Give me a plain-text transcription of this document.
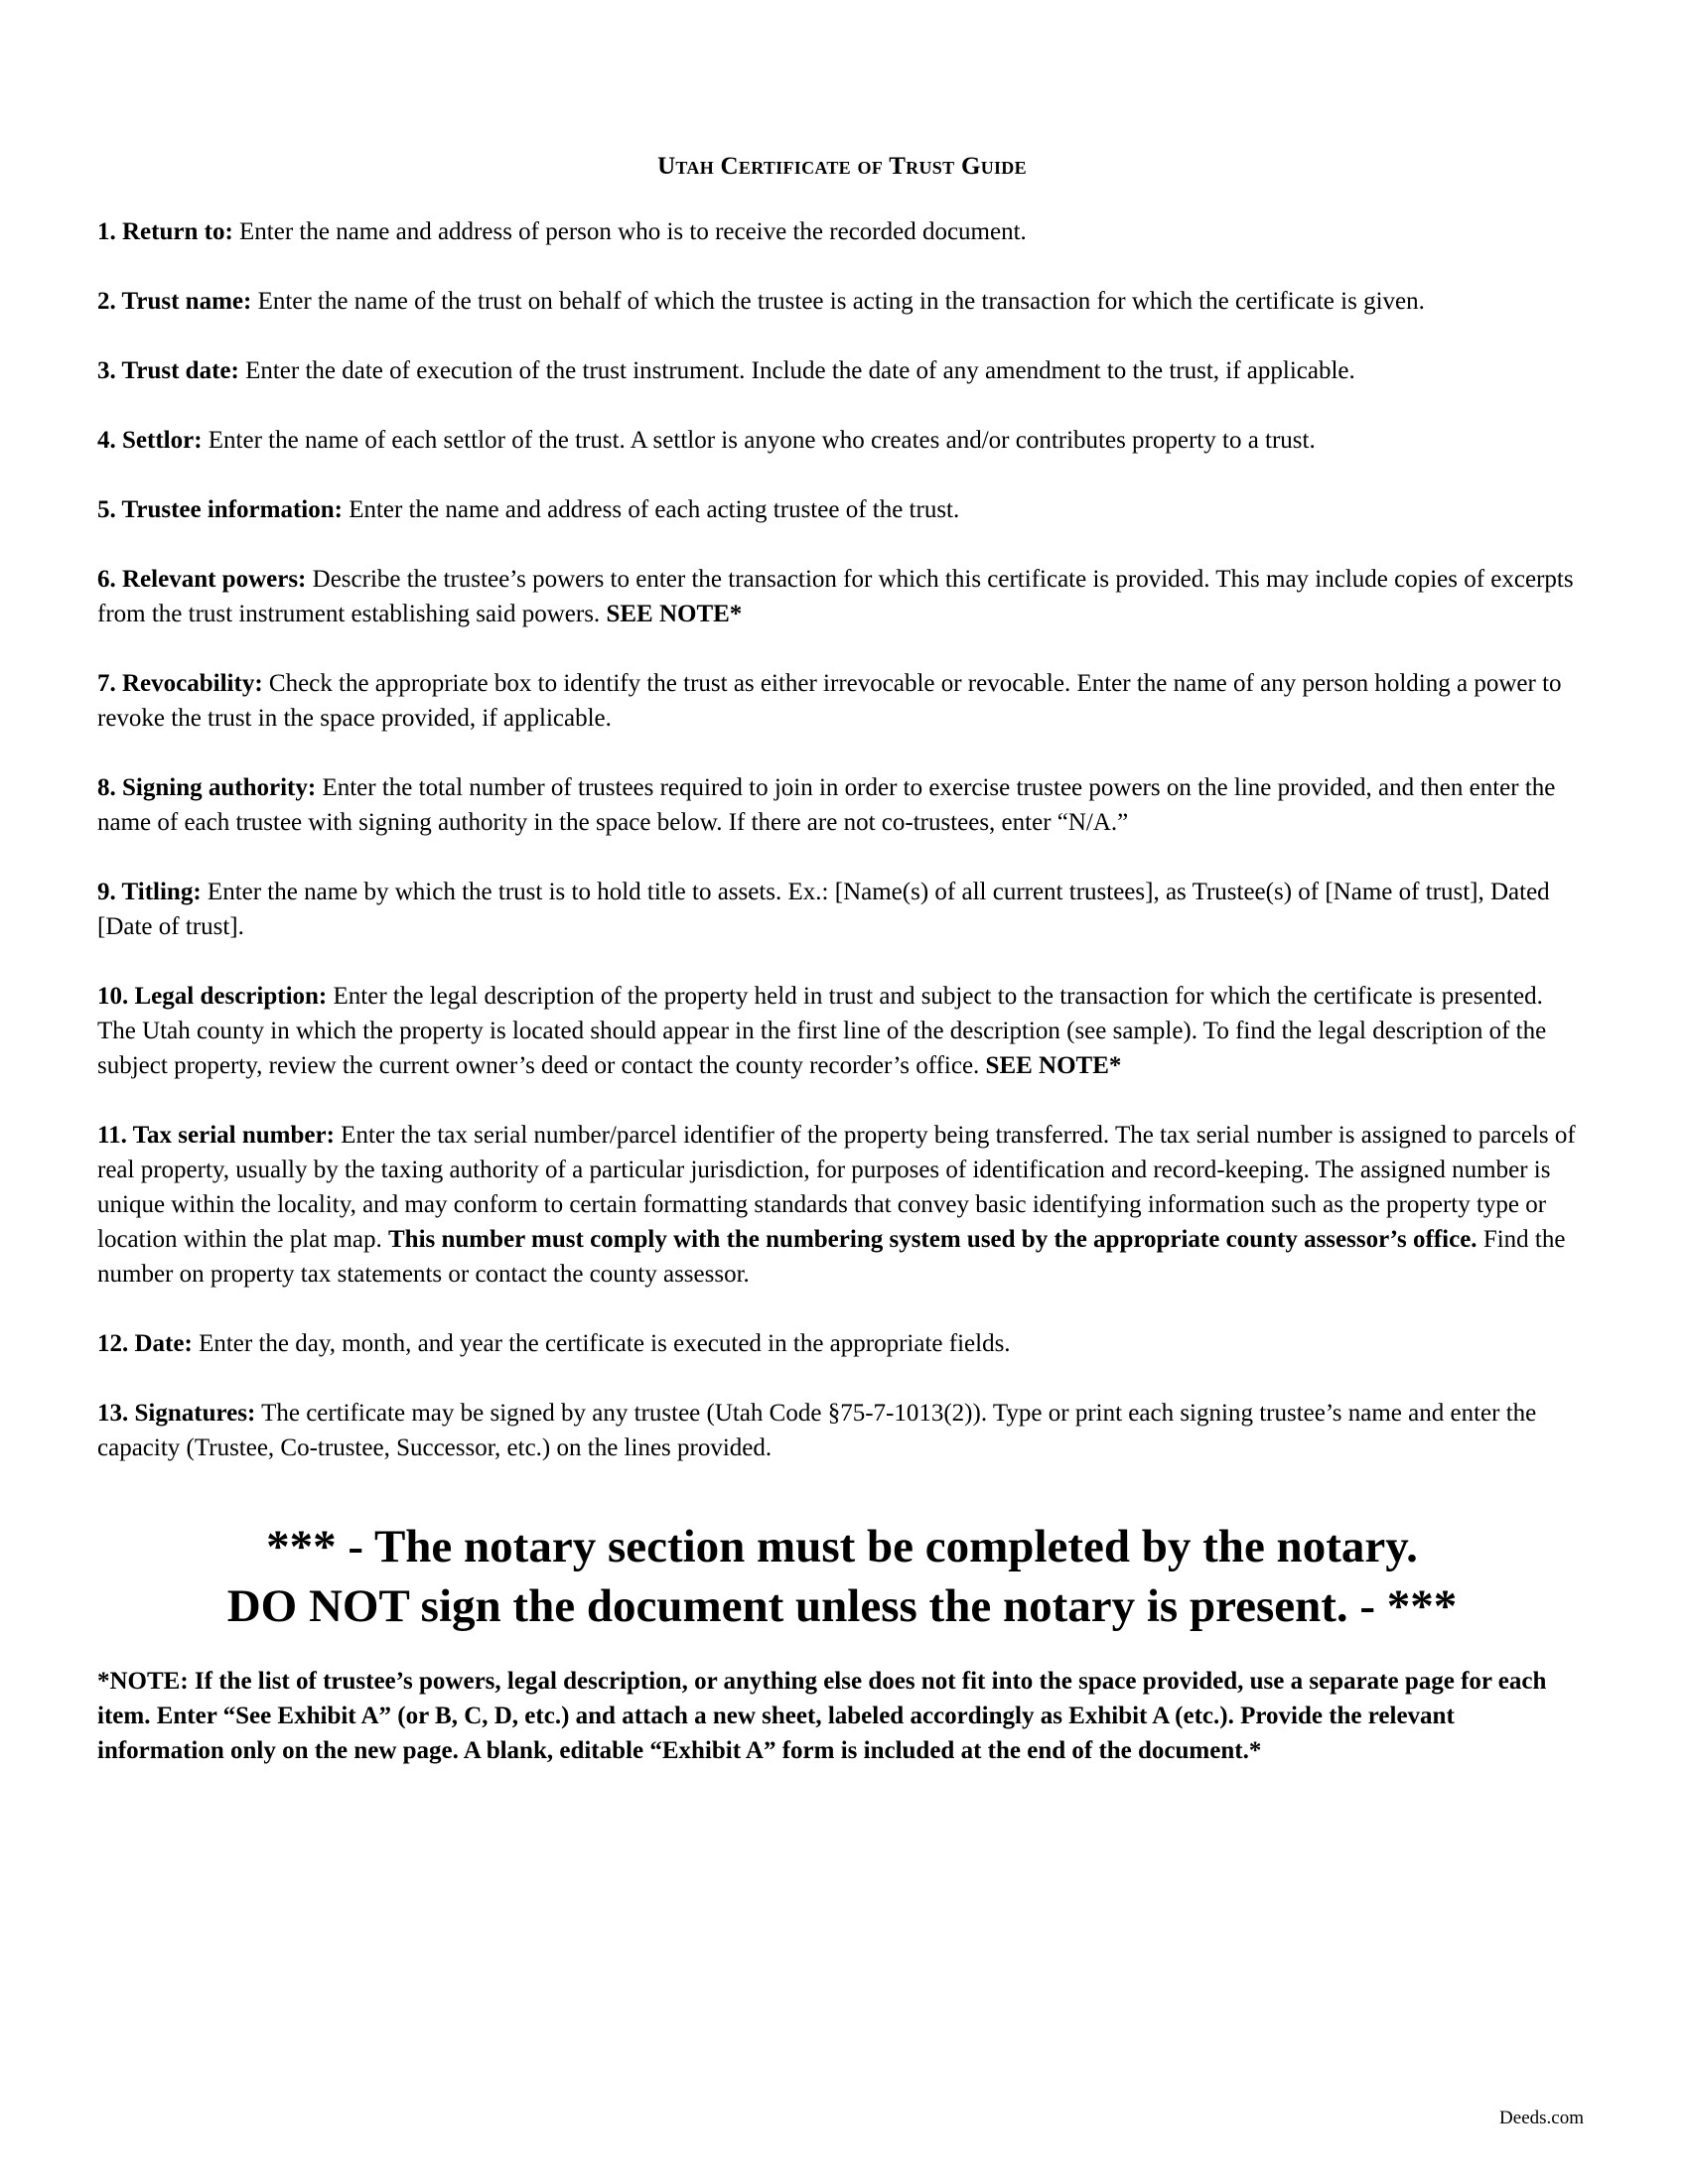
Utah Certificate of Trust Guide
1. Return to: Enter the name and address of person who is to receive the recorded document.
2. Trust name: Enter the name of the trust on behalf of which the trustee is acting in the transaction for which the certificate is given.
3. Trust date: Enter the date of execution of the trust instrument. Include the date of any amendment to the trust, if applicable.
4. Settlor: Enter the name of each settlor of the trust. A settlor is anyone who creates and/or contributes property to a trust.
5. Trustee information: Enter the name and address of each acting trustee of the trust.
6. Relevant powers: Describe the trustee’s powers to enter the transaction for which this certificate is provided. This may include copies of excerpts from the trust instrument establishing said powers. SEE NOTE*
7. Revocability: Check the appropriate box to identify the trust as either irrevocable or revocable. Enter the name of any person holding a power to revoke the trust in the space provided, if applicable.
8. Signing authority: Enter the total number of trustees required to join in order to exercise trustee powers on the line provided, and then enter the name of each trustee with signing authority in the space below. If there are not co-trustees, enter “N/A.”
9. Titling: Enter the name by which the trust is to hold title to assets. Ex.: [Name(s) of all current trustees], as Trustee(s) of [Name of trust], Dated [Date of trust].
10. Legal description: Enter the legal description of the property held in trust and subject to the transaction for which the certificate is presented. The Utah county in which the property is located should appear in the first line of the description (see sample). To find the legal description of the subject property, review the current owner’s deed or contact the county recorder’s office. SEE NOTE*
11. Tax serial number: Enter the tax serial number/parcel identifier of the property being transferred. The tax serial number is assigned to parcels of real property, usually by the taxing authority of a particular jurisdiction, for purposes of identification and record-keeping. The assigned number is unique within the locality, and may conform to certain formatting standards that convey basic identifying information such as the property type or location within the plat map. This number must comply with the numbering system used by the appropriate county assessor’s office. Find the number on property tax statements or contact the county assessor.
12. Date: Enter the day, month, and year the certificate is executed in the appropriate fields.
13. Signatures: The certificate may be signed by any trustee (Utah Code §75-7-1013(2)). Type or print each signing trustee’s name and enter the capacity (Trustee, Co-trustee, Successor, etc.) on the lines provided.
*** - The notary section must be completed by the notary.
DO NOT sign the document unless the notary is present. - ***

*NOTE: If the list of trustee’s powers, legal description, or anything else does not fit into the space provided, use a separate page for each item. Enter “See Exhibit A” (or B, C, D, etc.) and attach a new sheet, labeled accordingly as Exhibit A (etc.). Provide the relevant information only on the new page. A blank, editable “Exhibit A” form is included at the end of the document.*

Deeds.com
